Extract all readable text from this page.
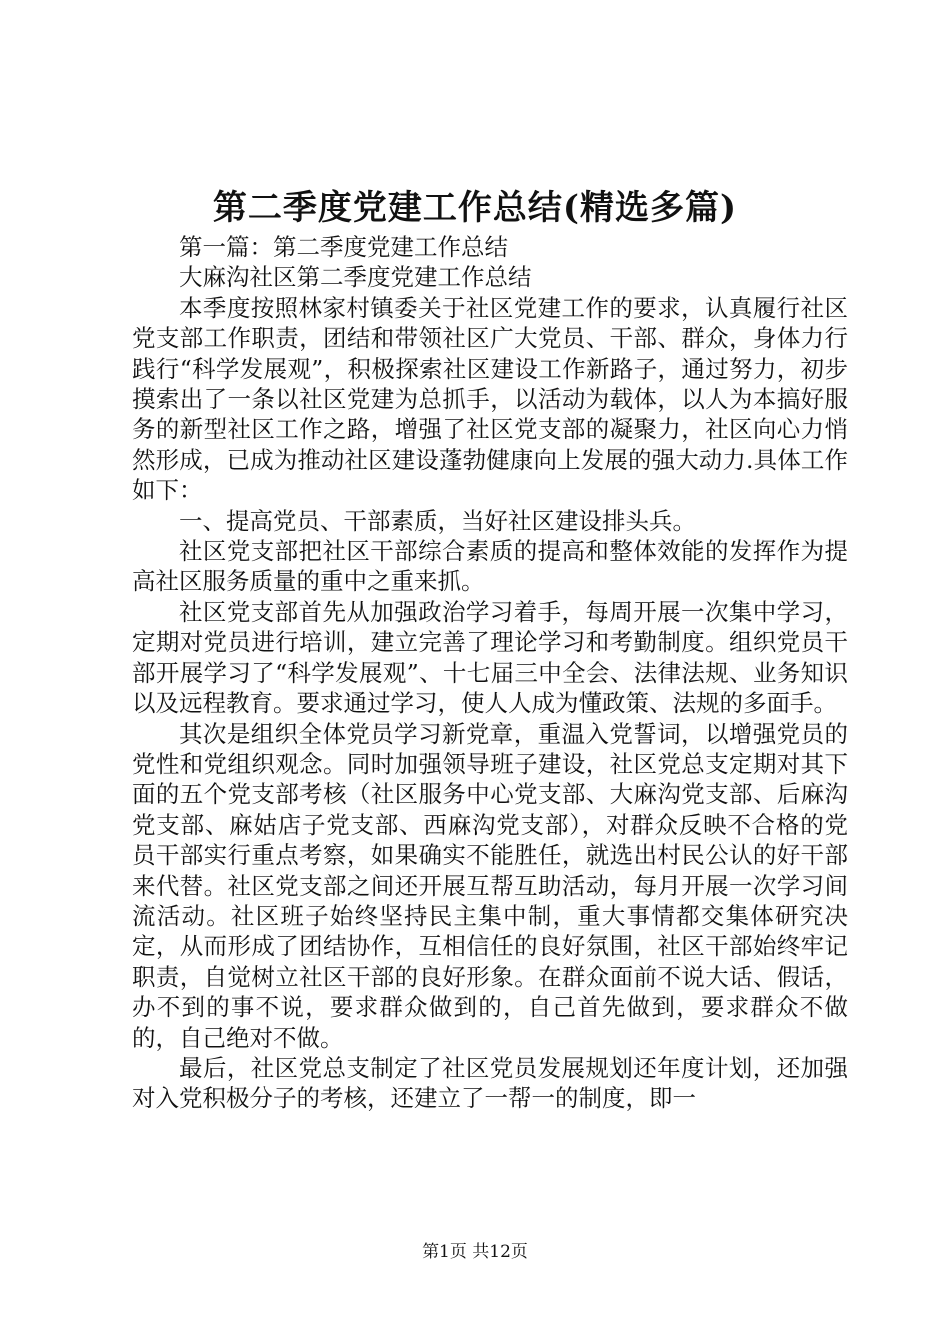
第二季度党建工作总结(精选多篇)

第一篇：第二季度党建工作总结

大麻沟社区第二季度党建工作总结

本季度按照林家村镇委关于社区党建工作的要求，认真履行社区党支部工作职责，团结和带领社区广大党员、干部、群众，身体力行践行“科学发展观”，积极探索社区建设工作新路子，通过努力，初步摸索出了一条以社区党建为总抓手，以活动为载体，以人为本搞好服务的新型社区工作之路，增强了社区党支部的凝聚力，社区向心力悄然形成，已成为推动社区建设蓬勃健康向上发展的强大动力.具体工作如下：

一、提高党员、干部素质，当好社区建设排头兵。

社区党支部把社区干部综合素质的提高和整体效能的发挥作为提高社区服务质量的重中之重来抓。

社区党支部首先从加强政治学习着手，每周开展一次集中学习，定期对党员进行培训，建立完善了理论学习和考勤制度。组织党员干部开展学习了“科学发展观”、十七届三中全会、法律法规、业务知识以及远程教育。要求通过学习，使人人成为懂政策、法规的多面手。

其次是组织全体党员学习新党章，重温入党誓词，以增强党员的党性和党组织观念。同时加强领导班子建设，社区党总支定期对其下面的五个党支部考核（社区服务中心党支部、大麻沟党支部、后麻沟党支部、麻姑店子党支部、西麻沟党支部），对群众反映不合格的党员干部实行重点考察，如果确实不能胜任，就选出村民公认的好干部来代替。社区党支部之间还开展互帮互助活动，每月开展一次学习间流活动。社区班子始终坚持民主集中制，重大事情都交集体研究决定，从而形成了团结协作，互相信任的良好氛围，社区干部始终牢记职责，自觉树立社区干部的良好形象。在群众面前不说大话、假话，办不到的事不说，要求群众做到的，自己首先做到，要求群众不做的，自己绝对不做。

最后，社区党总支制定了社区党员发展规划还年度计划，还加强对入党积极分子的考核，还建立了一帮一的制度，即一

第1页 共12页
